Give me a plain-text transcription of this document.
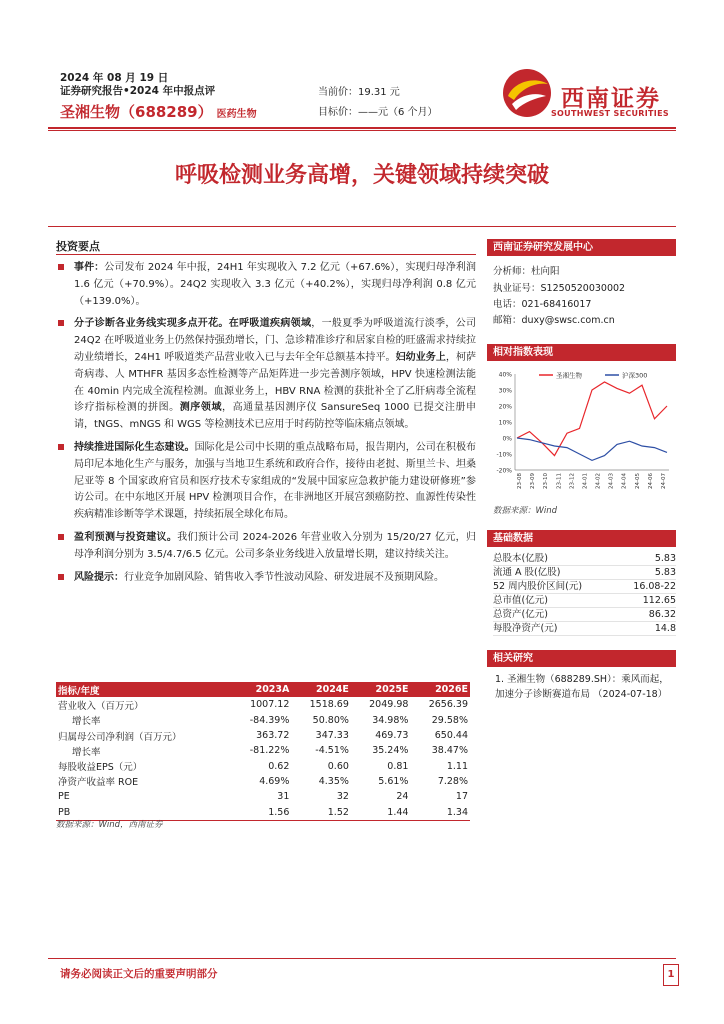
2024 年 08 月 19 日
证券研究报告•2024 年中报点评
圣湘生物（688289） 医药生物
当前价：19.31 元
目标价：——元（6 个月）
西南证券
SOUTHWEST SECURITIES
呼吸检测业务高增，关键领域持续突破
投资要点
事件：公司发布 2024 年中报，24H1 年实现收入 7.2 亿元（+67.6%），实现归母净利润 1.6 亿元（+70.9%）。24Q2 实现收入 3.3 亿元（+40.2%），实现归母净利润 0.8 亿元（+139.0%）。
分子诊断各业务线实现多点开花。在呼吸道疾病领域，一般夏季为呼吸道流行淡季，公司 24Q2 在呼吸道业务上仍然保持强劲增长，门、急诊精准诊疗和居家自检的旺盛需求持续拉动业绩增长，24H1 呼吸道类产品营业收入已与去年全年总额基本持平。妇幼业务上，柯萨奇病毒、人 MTHFR 基因多态性检测等产品矩阵进一步完善测序领域，HPV 快速检测法能在 40min 内完成全流程检测。血源业务上，HBV RNA 检测的获批补全了乙肝病毒全流程诊疗指标检测的拼图。测序领域，高通量基因测序仪 SansureSeq 1000 已提交注册申请，tNGS、mNGS 和 WGS 等检测技术已应用于时药防控等临床痛点领域。
持续推进国际化生态建设。国际化是公司中长期的重点战略布局，报告期内，公司在积极布局印尼本地化生产与服务，加强与当地卫生系统和政府合作，接待由老挝、斯里兰卡、坦桑尼亚等 8 个国家政府官员和医疗技术专家组成的“发展中国家应急救护能力建设研修班”参访公司。在中东地区开展 HPV 检测项目合作，在非洲地区开展宫颈癌防控、血源性传染性疾病精准诊断等学术课题，持续拓展全球化布局。
盈利预测与投资建议。我们预计公司 2024-2026 年营业收入分别为 15/20/27 亿元，归母净利润分别为 3.5/4.7/6.5 亿元。公司多条业务线进入放量增长期，建议持续关注。
风险提示：行业竞争加剧风险、销售收入季节性波动风险、研发进展不及预期风险。
指标/年度	2023A	2024E	2025E	2026E
营业收入（百万元）	1007.12	1518.69	2049.98	2656.39
增长率	-84.39%	50.80%	34.98%	29.58%
归属母公司净利润（百万元）	363.72	347.33	469.73	650.44
增长率	-81.22%	-4.51%	35.24%	38.47%
每股收益EPS（元）	0.62	0.60	0.81	1.11
净资产收益率 ROE	4.69%	4.35%	5.61%	7.28%
PE	31	32	24	17
PB	1.56	1.52	1.44	1.34
数据来源：Wind，西南证券
西南证券研究发展中心
分析师：杜向阳
执业证号：S1250520030002
电话：021-68416017
邮箱：duxy@swsc.com.cn
相对指数表现
40%
30%
20%
10%
0%
-10%
-20%
23-08 23-09 23-10 23-11 23-12 24-01 24-02 24-03 24-04 24-05 24-06 24-07
圣湘生物	沪深300
数据来源：Wind
基础数据
总股本(亿股)	5.83
流通 A 股(亿股)	5.83
52 周内股价区间(元)	16.08-22
总市值(亿元)	112.65
总资产(亿元)	86.32
每股净资产(元)	14.8
相关研究
1. 圣湘生物（688289.SH）：乘风而起，加速分子诊断赛道布局 （2024-07-18）
请务必阅读正文后的重要声明部分	1
